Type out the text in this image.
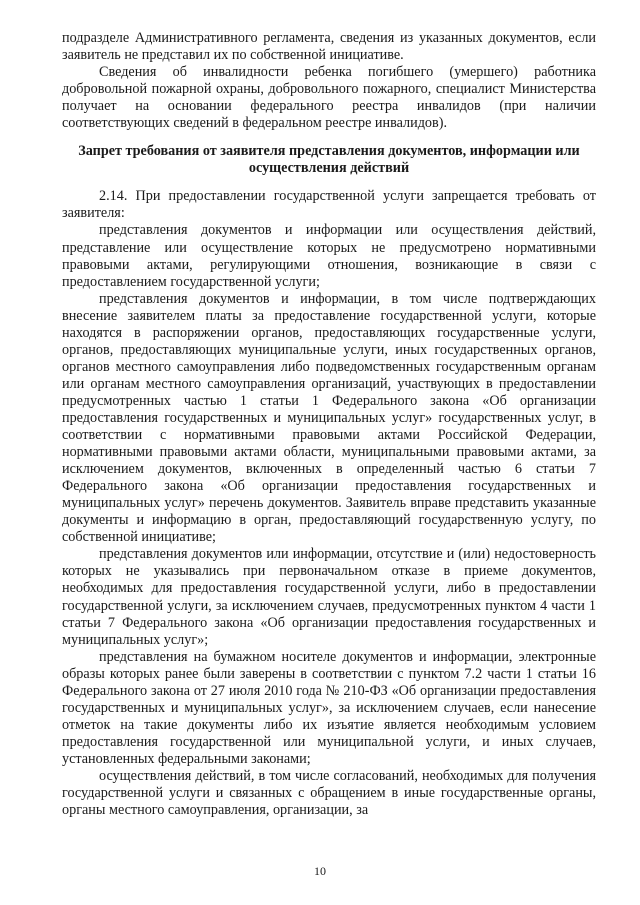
подразделе Административного регламента, сведения из указанных документов, если заявитель не представил их по собственной инициативе.

Сведения об инвалидности ребенка погибшего (умершего) работника добровольной пожарной охраны, добровольного пожарного, специалист Министерства получает на основании федерального реестра инвалидов (при наличии соответствующих сведений в федеральном реестре инвалидов).

Запрет требования от заявителя представления документов, информации или осуществления действий

2.14. При предоставлении государственной услуги запрещается требовать от заявителя:

представления документов и информации или осуществления действий, представление или осуществление которых не предусмотрено нормативными правовыми актами, регулирующими отношения, возникающие в связи с предоставлением государственной услуги;

представления документов и информации, в том числе подтверждающих внесение заявителем платы за предоставление государственной услуги, которые находятся в распоряжении органов, предоставляющих государственные услуги, органов, предоставляющих муниципальные услуги, иных государственных органов, органов местного самоуправления либо подведомственных государственным органам или органам местного самоуправления организаций, участвующих в предоставлении предусмотренных частью 1 статьи 1 Федерального закона «Об организации предоставления государственных и муниципальных услуг» государственных услуг, в соответствии с нормативными правовыми актами Российской Федерации, нормативными правовыми актами области, муниципальными правовыми актами, за исключением документов, включенных в определенный частью 6 статьи 7 Федерального закона «Об организации предоставления государственных и муниципальных услуг» перечень документов. Заявитель вправе представить указанные документы и информацию в орган, предоставляющий государственную услугу, по собственной инициативе;

представления документов или информации, отсутствие и (или) недостоверность которых не указывались при первоначальном отказе в приеме документов, необходимых для предоставления государственной услуги, либо в предоставлении государственной услуги, за исключением случаев, предусмотренных пунктом 4 части 1 статьи 7 Федерального закона «Об организации предоставления государственных и муниципальных услуг»;

представления на бумажном носителе документов и информации, электронные образы которых ранее были заверены в соответствии с пунктом 7.2 части 1 статьи 16 Федерального закона от 27 июля 2010 года № 210-ФЗ «Об организации предоставления государственных и муниципальных услуг», за исключением случаев, если нанесение отметок на такие документы либо их изъятие является необходимым условием предоставления государственной или муниципальной услуги, и иных случаев, установленных федеральными законами;

осуществления действий, в том числе согласований, необходимых для получения государственной услуги и связанных с обращением в иные государственные органы, органы местного самоуправления, организации, за

10
